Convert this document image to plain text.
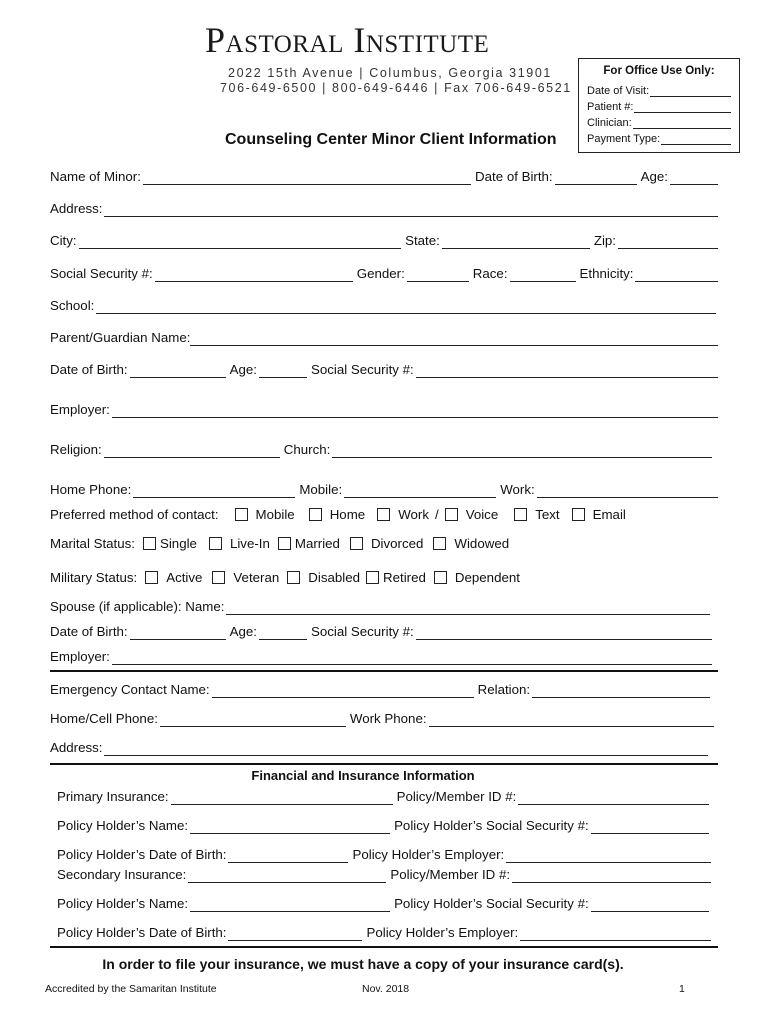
Pastoral Institute
2022 15th Avenue | Columbus, Georgia 31901
706-649-6500 | 800-649-6446 | Fax 706-649-6521
For Office Use Only:
Date of Visit:
Patient #:
Clinician:
Payment Type:
Counseling Center Minor Client Information
Name of Minor:	Date of Birth:	Age:
Address:
City:	State:	Zip:
Social Security #:	Gender:	Race:	Ethnicity:
School:
Parent/Guardian Name:
Date of Birth:	Age:	Social Security #:
Employer:
Religion:	Church:
Home Phone:	Mobile:	Work:
Preferred method of contact:	Mobile	Home Work / Voice	Text Email
Marital Status: Single Live-In Married Divorced Widowed
Military Status: Active Veteran Disabled Retired Dependent
Spouse (if applicable): Name:
Date of Birth:	Age:	Social Security #:
Employer:
Emergency Contact Name:	Relation:
Home/Cell Phone:	Work Phone:
Address:
Financial and Insurance Information
Primary Insurance:	Policy/Member ID #:
Policy Holder’s Name:	Policy Holder’s Social Security #:
Policy Holder’s Date of Birth:	Policy Holder’s Employer:
Secondary Insurance:	Policy/Member ID #:
Policy Holder’s Name:	Policy Holder’s Social Security #:
Policy Holder’s Date of Birth:	Policy Holder’s Employer:
In order to file your insurance, we must have a copy of your insurance card(s).
Accredited by the Samaritan Institute	Nov. 2018	1
